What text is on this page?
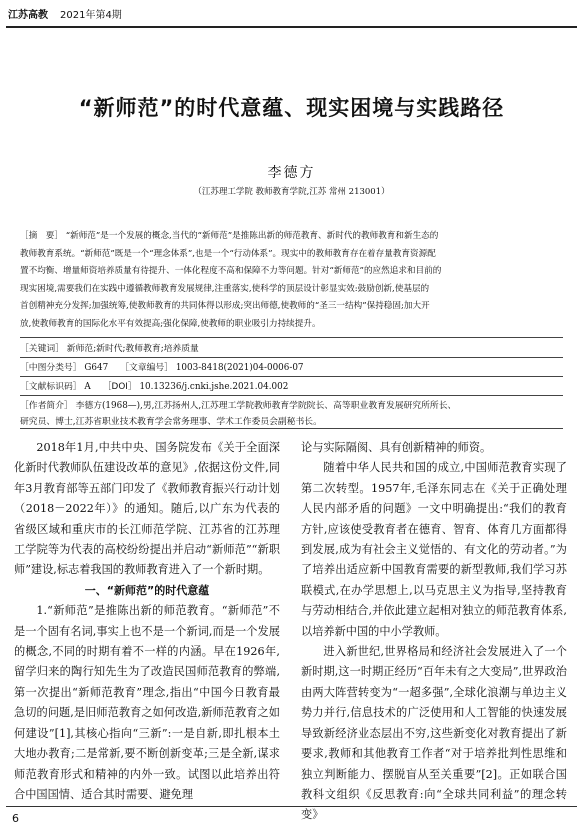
江苏高教 2021年第4期
“新师范”的时代意蕴、现实困境与实践路径
李德方
（江苏理工学院 教师教育学院,江苏 常州 213001）
［摘　要］ “新师范”是一个发展的概念,当代的“新师范”是推陈出新的师范教育、新时代的教师教育和新生态的
教师教育系统。“新师范”既是一个“理念体系”,也是一个“行动体系”。现实中的教师教育存在着存量教育资源配
置不均衡、增量师资培养质量有待提升、一体化程度不高和保障不力等问题。针对“新师范”的应然追求和目前的
现实困境,需要我们在实践中遵循教师教育发展规律,注重落实,使科学的顶层设计彰显实效:鼓励创新,使基层的
首创精神充分发挥;加强统筹,使教师教育的共同体得以形成;突出师德,使教师的“圣三一结构”保持稳固;加大开
放,使教师教育的国际化水平有效提高;强化保障,使教师的职业吸引力持续提升。
［关键词］ 新师范;新时代;教师教育;培养质量
［中图分类号］ G647 ［文章编号］ 1003-8418(2021)04-0006-07
［文献标识码］ A ［DOI］ 10.13236/j.cnki.jshe.2021.04.002
［作者简介］ 李德方(1968—),男,江苏扬州人,江苏理工学院教师教育学院院长、高等职业教育发展研究所所长、
研究员、博士,江苏省职业技术教育学会常务理事、学术工作委员会副秘书长。

2018年1月,中共中央、国务院发布《关于全面深化新时代教师队伍建设改革的意见》,依据这份文件,同年3月教育部等五部门印发了《教师教育振兴行动计划（2018－2022年）》的通知。随后,以广东为代表的省级区域和重庆市的长江师范学院、江苏省的江苏理工学院等为代表的高校纷纷提出并启动“新师范”“新职师”建设,标志着我国的教师教育进入了一个新时期。

一、“新师范”的时代意蕴

1.“新师范”是推陈出新的师范教育。“新师范”不是一个固有名词,事实上也不是一个新词,而是一个发展的概念,不同的时期有着不一样的内涵。早在1926年,留学归来的陶行知先生为了改造民国师范教育的弊端,第一次提出“新师范教育”理念,指出“中国今日教育最急切的问题,是旧师范教育之如何改造,新师范教育之如何建设”[1],其核心指向“三新”:一是自新,即扎根本土大地办教育;二是常新,要不断创新变革;三是全新,谋求师范教育形式和精神的内外一致。试图以此培养出符合中国国情、适合其时需要、避免理

论与实际隔阂、具有创新精神的师资。

随着中华人民共和国的成立,中国师范教育实现了第二次转型。1957年,毛泽东同志在《关于正确处理人民内部矛盾的问题》一文中明确提出:“我们的教育方针,应该使受教育者在德育、智育、体育几方面都得到发展,成为有社会主义觉悟的、有文化的劳动者。”为了培养出适应新中国教育需要的新型教师,我们学习苏联模式,在办学思想上,以马克思主义为指导,坚持教育与劳动相结合,并依此建立起相对独立的师范教育体系,以培养新中国的中小学教师。

进入新世纪,世界格局和经济社会发展进入了一个新时期,这一时期正经历“百年未有之大变局”,世界政治由两大阵营转变为“一超多强”,全球化浪潮与单边主义势力并行,信息技术的广泛使用和人工智能的快速发展导致新经济业态层出不穷,这些新变化对教育提出了新要求,教师和其他教育工作者“对于培养批判性思维和独立判断能力、摆脱盲从至关重要”[2]。正如联合国教科文组织《反思教育:向“全球共同利益”的理念转变》

6
